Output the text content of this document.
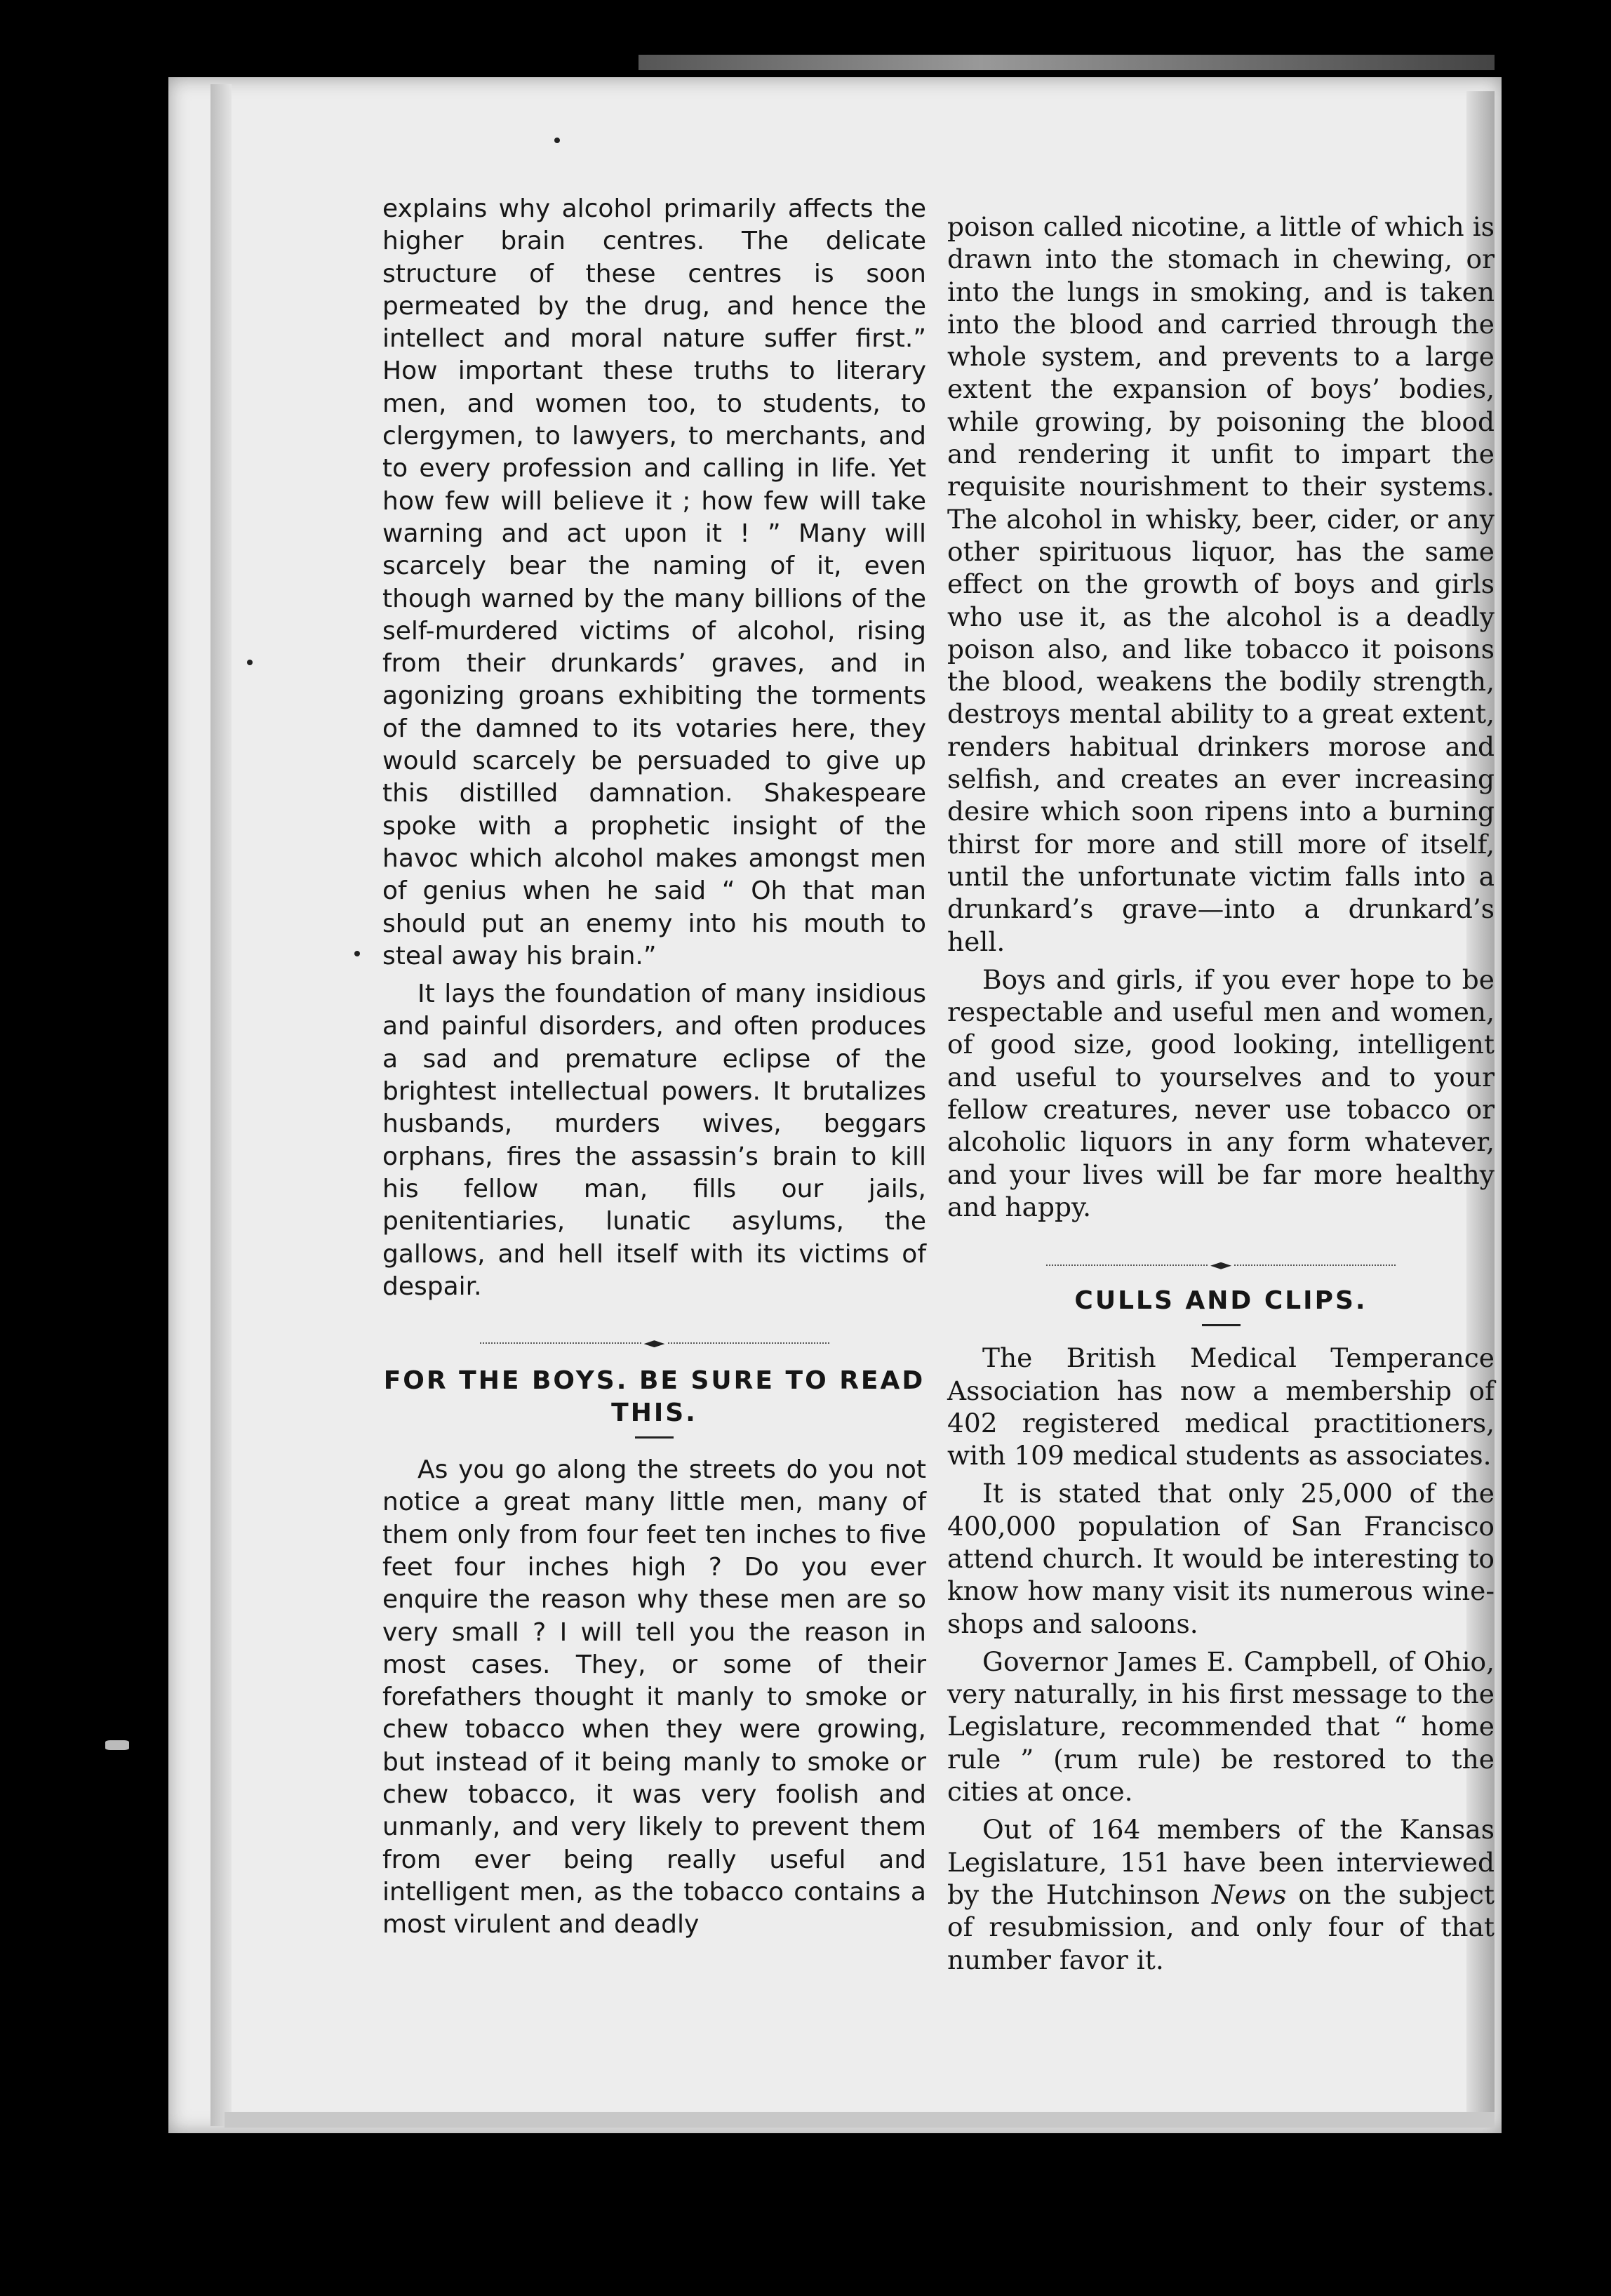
explains why alcohol primarily affects the higher brain centres. The delicate structure of these centres is soon permeated by the drug, and hence the intellect and moral nature suffer first.” How important these truths to literary men, and women too, to students, to clergymen, to lawyers, to merchants, and to every profession and calling in life. Yet how few will believe it ; how few will take warning and act upon it ! ” Many will scarcely bear the naming of it, even though warned by the many billions of the self-murdered victims of alcohol, rising from their drunkards’ graves, and in agonizing groans exhibiting the torments of the damned to its votaries here, they would scarcely be persuaded to give up this distilled damnation. Shakespeare spoke with a prophetic insight of the havoc which alcohol makes amongst men of genius when he said “ Oh that man should put an enemy into his mouth to steal away his brain.”

It lays the foundation of many insidious and painful disorders, and often produces a sad and premature eclipse of the brightest intellectual powers. It brutalizes husbands, murders wives, beggars orphans, fires the assassin’s brain to kill his fellow man, fills our jails, penitentiaries, lunatic asylums, the gallows, and hell itself with its victims of despair.

FOR THE BOYS. BE SURE TO READ THIS.

As you go along the streets do you not notice a great many little men, many of them only from four feet ten inches to five feet four inches high ? Do you ever enquire the reason why these men are so very small ? I will tell you the reason in most cases. They, or some of their forefathers thought it manly to smoke or chew tobacco when they were growing, but instead of it being manly to smoke or chew tobacco, it was very foolish and unmanly, and very likely to prevent them from ever being really useful and intelligent men, as the tobacco contains a most virulent and deadly

poison called nicotine, a little of which is drawn into the stomach in chewing, or into the lungs in smoking, and is taken into the blood and carried through the whole system, and prevents to a large extent the expansion of boys’ bodies, while growing, by poisoning the blood and rendering it unfit to impart the requisite nourishment to their systems. The alcohol in whisky, beer, cider, or any other spirituous liquor, has the same effect on the growth of boys and girls who use it, as the alcohol is a deadly poison also, and like tobacco it poisons the blood, weakens the bodily strength, destroys mental ability to a great extent, renders habitual drinkers morose and selfish, and creates an ever increasing desire which soon ripens into a burning thirst for more and still more of itself, until the unfortunate victim falls into a drunkard’s grave—into a drunkard’s hell.

Boys and girls, if you ever hope to be respectable and useful men and women, of good size, good looking, intelligent and useful to yourselves and to your fellow creatures, never use tobacco or alcoholic liquors in any form whatever, and your lives will be far more healthy and happy.

CULLS AND CLIPS.

The British Medical Temperance Association has now a membership of 402 registered medical practitioners, with 109 medical students as associates.

It is stated that only 25,000 of the 400,000 population of San Francisco attend church. It would be interesting to know how many visit its numerous wine-shops and saloons.

Governor James E. Campbell, of Ohio, very naturally, in his first message to the Legislature, recommended that “ home rule ” (rum rule) be restored to the cities at once.

Out of 164 members of the Kansas Legislature, 151 have been interviewed by the Hutchinson News on the subject of resubmission, and only four of that number favor it.
